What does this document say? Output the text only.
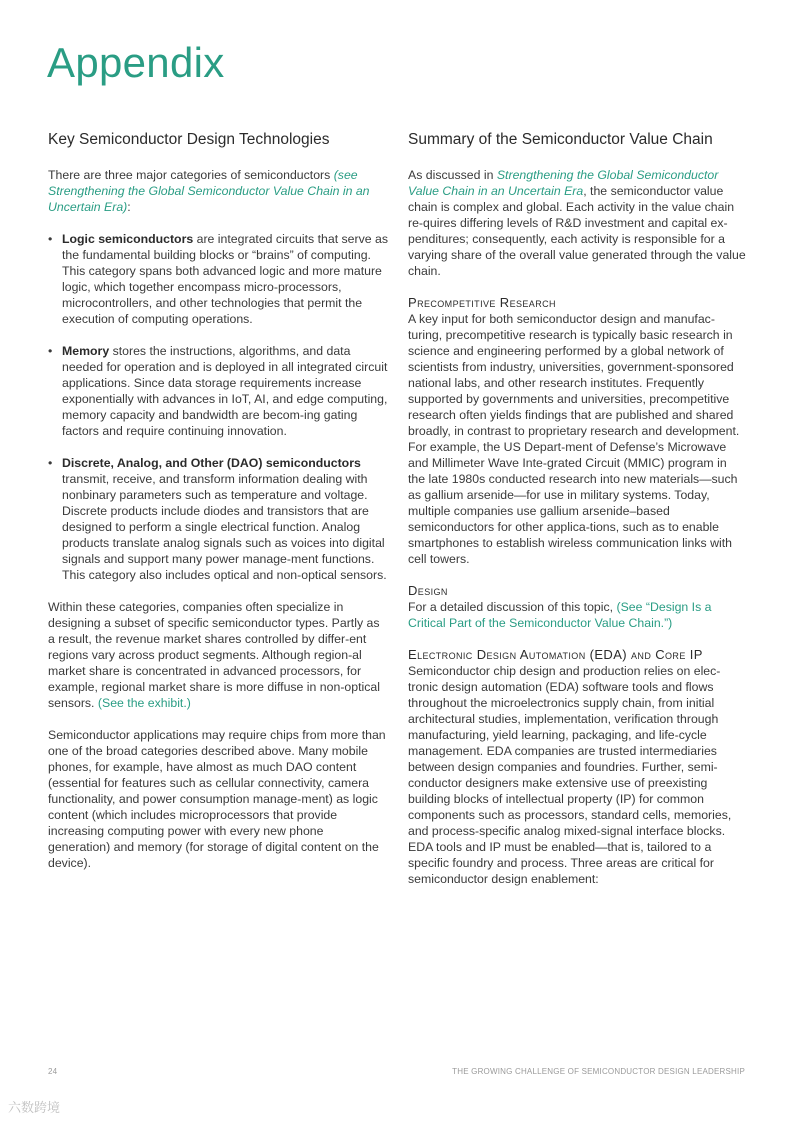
Appendix
Key Semiconductor Design Technologies

There are three major categories of semiconductors (see Strengthening the Global Semiconductor Value Chain in an Uncertain Era):

• Logic semiconductors are integrated circuits that serve as the fundamental building blocks or “brains” of computing. This category spans both advanced logic and more mature logic, which together encompass micro-processors, microcontrollers, and other technologies that permit the execution of computing operations.
• Memory stores the instructions, algorithms, and data needed for operation and is deployed in all integrated circuit applications. Since data storage requirements increase exponentially with advances in IoT, AI, and edge computing, memory capacity and bandwidth are becom-ing gating factors and require continuing innovation.
• Discrete, Analog, and Other (DAO) semiconductors transmit, receive, and transform information dealing with nonbinary parameters such as temperature and voltage. Discrete products include diodes and transistors that are designed to perform a single electrical function. Analog products translate analog signals such as voices into digital signals and support many power manage-ment functions. This category also includes optical and non-optical sensors.

Within these categories, companies often specialize in designing a subset of specific semiconductor types. Partly as a result, the revenue market shares controlled by differ-ent regions vary across product segments. Although region-al market share is concentrated in advanced processors, for example, regional market share is more diffuse in non-optical sensors. (See the exhibit.)

Semiconductor applications may require chips from more than one of the broad categories described above. Many mobile phones, for example, have almost as much DAO content (essential for features such as cellular connectivity, camera functionality, and power consumption manage-ment) as logic content (which includes microprocessors that provide increasing computing power with every new phone generation) and memory (for storage of digital content on the device).

Summary of the Semiconductor Value Chain

As discussed in Strengthening the Global Semiconductor Value Chain in an Uncertain Era, the semiconductor value chain is complex and global. Each activity in the value chain re-quires differing levels of R&D investment and capital ex-penditures; consequently, each activity is responsible for a varying share of the overall value generated through the value chain.

Precompetitive Research

A key input for both semiconductor design and manufac-turing, precompetitive research is typically basic research in science and engineering performed by a global network of scientists from industry, universities, government-sponsored national labs, and other research institutes. Frequently supported by governments and universities, precompetitive research often yields findings that are published and shared broadly, in contrast to proprietary research and development. For example, the US Depart-ment of Defense’s Microwave and Millimeter Wave Inte-grated Circuit (MMIC) program in the late 1980s conducted research into new materials—such as gallium arsenide—for use in military systems. Today, multiple companies use gallium arsenide–based semiconductors for other applica-tions, such as to enable smartphones to establish wireless communication links with cell towers.

Design

For a detailed discussion of this topic, (See “Design Is a Critical Part of the Semiconductor Value Chain.”)

Electronic Design Automation (EDA) and Core IP

Semiconductor chip design and production relies on elec-tronic design automation (EDA) software tools and flows throughout the microelectronics supply chain, from initial architectural studies, implementation, verification through manufacturing, yield learning, packaging, and life-cycle management. EDA companies are trusted intermediaries between design companies and foundries. Further, semi-conductor designers make extensive use of preexisting building blocks of intellectual property (IP) for common components such as processors, standard cells, memories, and process-specific analog mixed-signal interface blocks. EDA tools and IP must be enabled—that is, tailored to a specific foundry and process. Three areas are critical for semiconductor design enablement:

24	THE GROWING CHALLENGE OF SEMICONDUCTOR DESIGN LEADERSHIP
六数跨境
